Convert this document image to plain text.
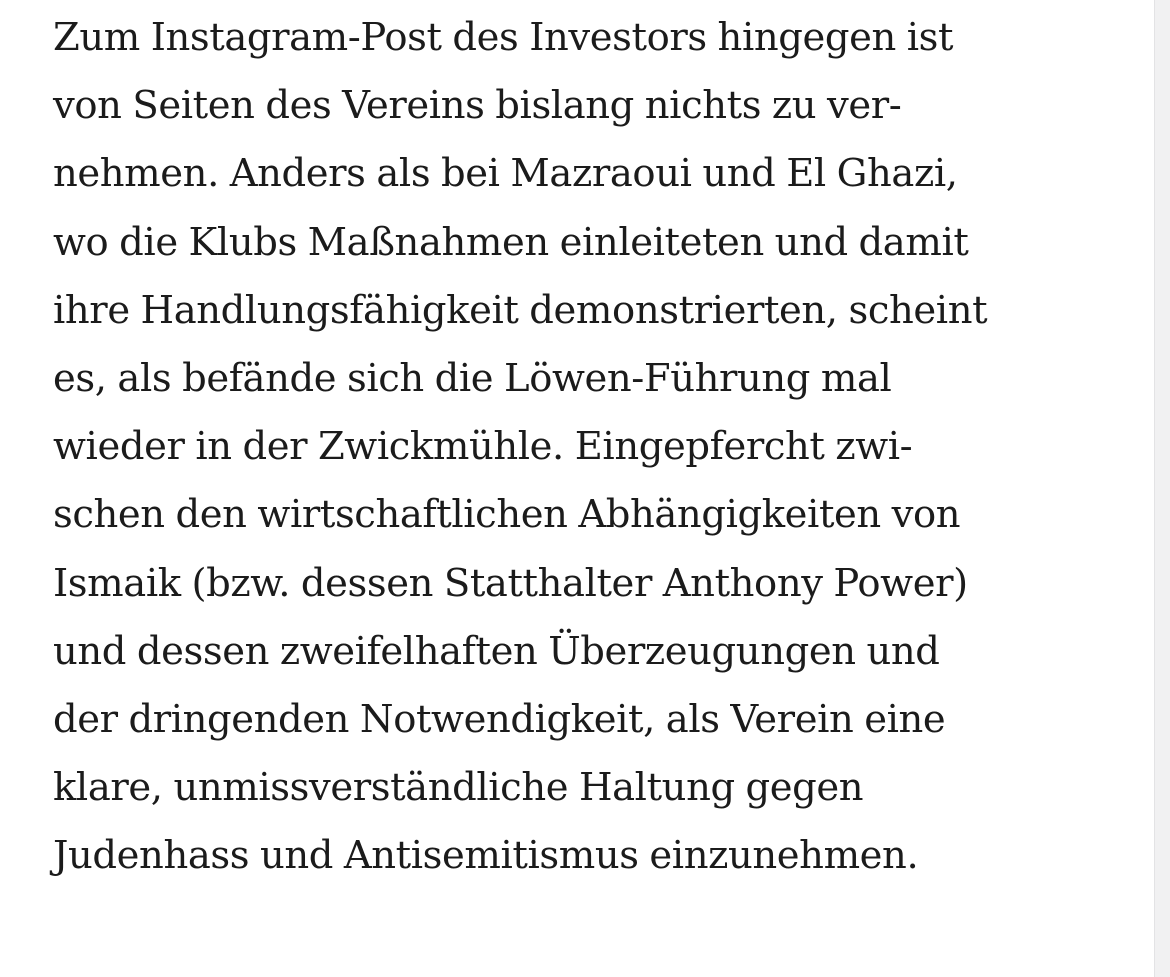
Zum Instagram-Post des Investors hingegen ist
von Seiten des Vereins bislang nichts zu ver-
nehmen. Anders als bei Mazraoui und El Ghazi,
wo die Klubs Maßnahmen einleiteten und damit
ihre Handlungsfähigkeit demonstrierten, scheint
es, als befände sich die Löwen-Führung mal
wieder in der Zwickmühle. Eingepfercht zwi-
schen den wirtschaftlichen Abhängigkeiten von
Ismaik (bzw. dessen Statthalter Anthony Power)
und dessen zweifelhaften Überzeugungen und
der dringenden Notwendigkeit, als Verein eine
klare, unmissverständliche Haltung gegen
Judenhass und Antisemitismus einzunehmen.
